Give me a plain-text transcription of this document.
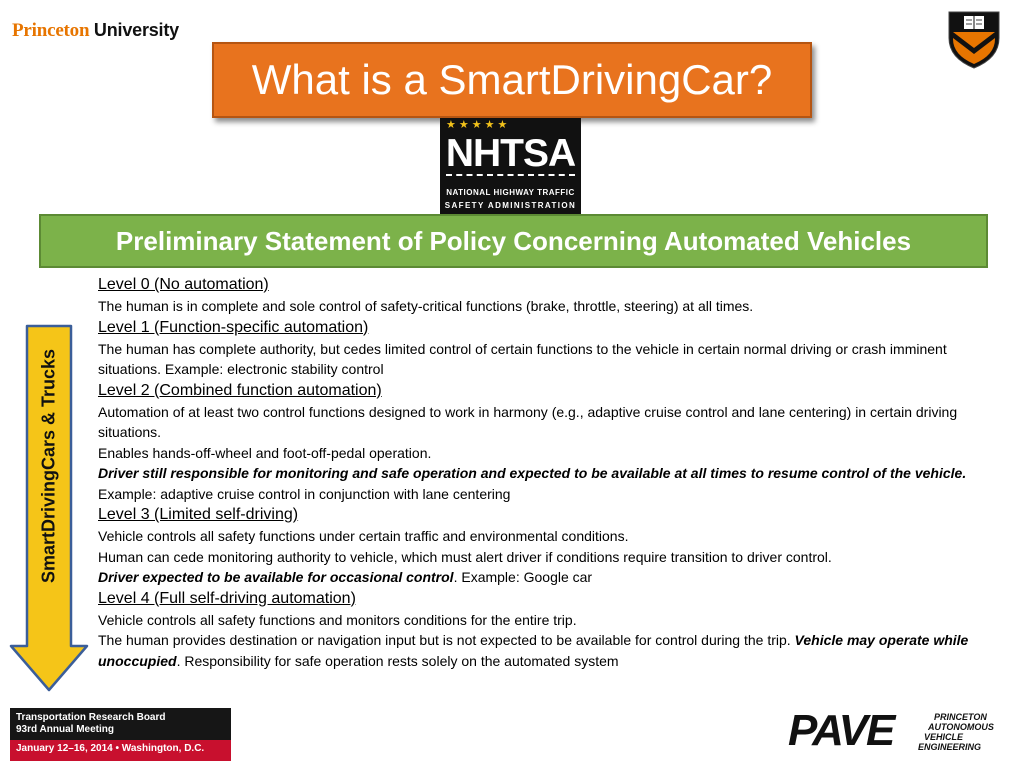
Princeton University
What is a SmartDrivingCar?
★★★★★
NHTSA
NATIONAL HIGHWAY TRAFFIC
SAFETY ADMINISTRATION
Preliminary Statement of Policy Concerning Automated Vehicles
SmartDrivingCars & Trucks
Level 0 (No automation)
The human is in complete and sole control of safety-critical functions (brake, throttle, steering) at all times.
Level 1 (Function-specific automation)
The human has complete authority, but cedes limited control of certain functions to the vehicle in certain normal driving or crash imminent situations. Example: electronic stability control
Level 2 (Combined function automation)
Automation of at least two control functions designed to work in harmony (e.g., adaptive cruise control and lane centering) in certain driving situations.
Enables hands-off-wheel and foot-off-pedal operation.
Driver still responsible for monitoring and safe operation and expected to be available at all times to resume control of the vehicle. Example: adaptive cruise control in conjunction with lane centering
Level 3 (Limited self-driving)
Vehicle controls all safety functions under certain traffic and environmental conditions.
Human can cede monitoring authority to vehicle, which must alert driver if conditions require transition to driver control.
Driver expected to be available for occasional control. Example: Google car
Level 4 (Full self-driving automation)
Vehicle controls all safety functions and monitors conditions for the entire trip.
The human provides destination or navigation input but is not expected to be available for control during the trip. Vehicle may operate while unoccupied. Responsibility for safe operation rests solely on the automated system
Transportation Research Board
93rd Annual Meeting
January 12–16, 2014 • Washington, D.C.	PAVE	PRINCETON
AUTONOMOUS
VEHICLE
ENGINEERING
